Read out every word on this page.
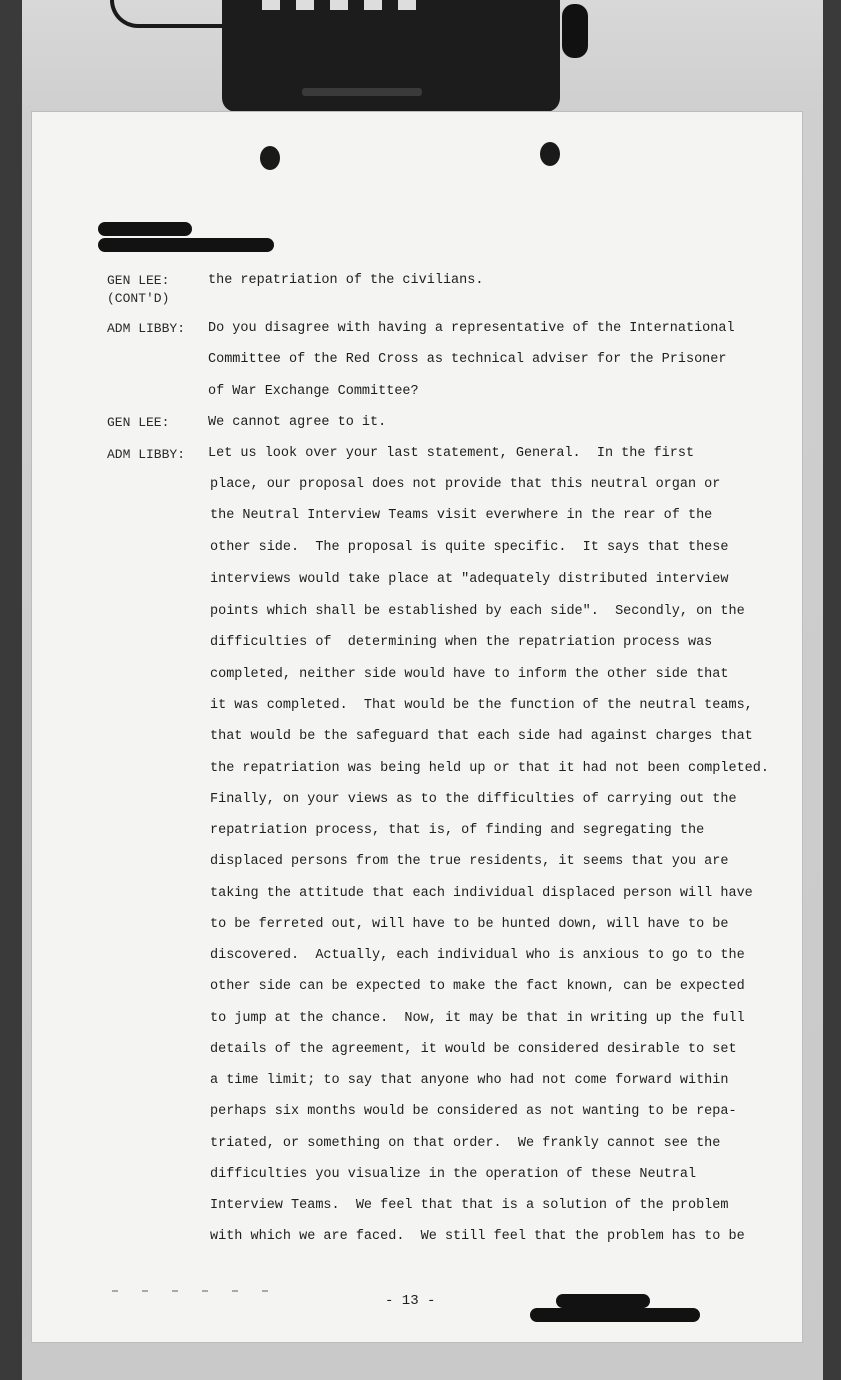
GEN LEE:
(CONT'D)
ADM LIBBY:
GEN LEE:
ADM LIBBY:
the repatriation of the civilians.
Do you disagree with having a representative of the International
Committee of the Red Cross as technical adviser for the Prisoner
of War Exchange Committee?
We cannot agree to it.
Let us look over your last statement, General.  In the first
place, our proposal does not provide that this neutral organ or
the Neutral Interview Teams visit everwhere in the rear of the
other side.  The proposal is quite specific.  It says that these
interviews would take place at "adequately distributed interview
points which shall be established by each side".  Secondly, on the
difficulties of  determining when the repatriation process was
completed, neither side would have to inform the other side that
it was completed.  That would be the function of the neutral teams,
that would be the safeguard that each side had against charges that
the repatriation was being held up or that it had not been completed.
Finally, on your views as to the difficulties of carrying out the
repatriation process, that is, of finding and segregating the
displaced persons from the true residents, it seems that you are
taking the attitude that each individual displaced person will have
to be ferreted out, will have to be hunted down, will have to be
discovered.  Actually, each individual who is anxious to go to the
other side can be expected to make the fact known, can be expected
to jump at the chance.  Now, it may be that in writing up the full
details of the agreement, it would be considered desirable to set
a time limit; to say that anyone who had not come forward within
perhaps six months would be considered as not wanting to be repa-
triated, or something on that order.  We frankly cannot see the
difficulties you visualize in the operation of these Neutral
Interview Teams.  We feel that that is a solution of the problem
with which we are faced.  We still feel that the problem has to be
- 13 -
